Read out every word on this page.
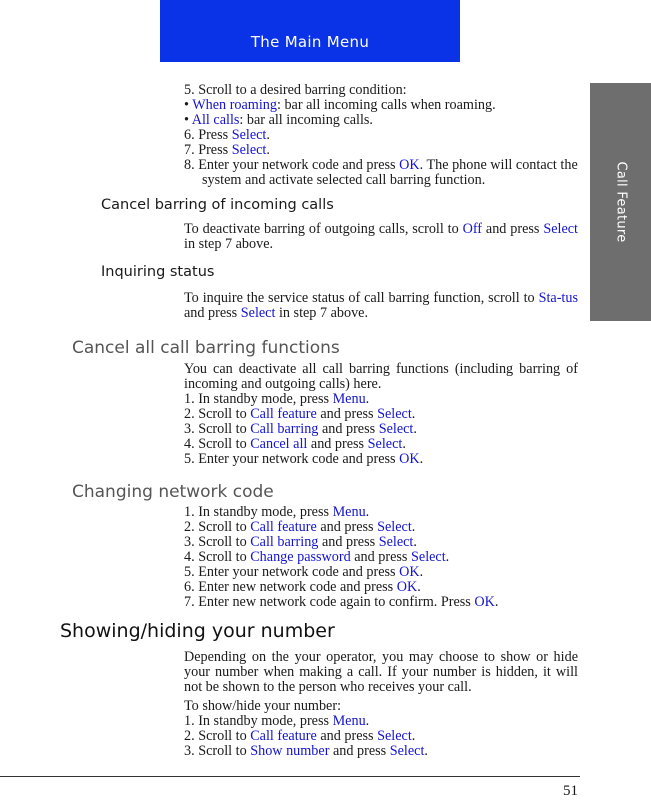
The Main Menu
Call Feature

5. Scroll to a desired barring condition:

• When roaming: bar all incoming calls when roaming.

• All calls: bar all incoming calls.

6. Press Select.

7. Press Select.

8. Enter your network code and press OK. The phone will contact the system and activate selected call barring function.

Cancel barring of incoming calls

To deactivate barring of outgoing calls, scroll to Off and press Select in step 7 above.

Inquiring status

To inquire the service status of call barring function, scroll to Sta-tus and press Select in step 7 above.

Cancel all call barring functions

You can deactivate all call barring functions (including barring of incoming and outgoing calls) here.

1. In standby mode, press Menu.

2. Scroll to Call feature and press Select.

3. Scroll to Call barring and press Select.

4. Scroll to Cancel all and press Select.

5. Enter your network code and press OK.

Changing network code

1. In standby mode, press Menu.

2. Scroll to Call feature and press Select.

3. Scroll to Call barring and press Select.

4. Scroll to Change password and press Select.

5. Enter your network code and press OK.

6. Enter new network code and press OK.

7. Enter new network code again to confirm. Press OK.

Showing/hiding your number

Depending on the your operator, you may choose to show or hide your number when making a call. If your number is hidden, it will not be shown to the person who receives your call.

To show/hide your number:

1. In standby mode, press Menu.

2. Scroll to Call feature and press Select.

3. Scroll to Show number and press Select.

51
